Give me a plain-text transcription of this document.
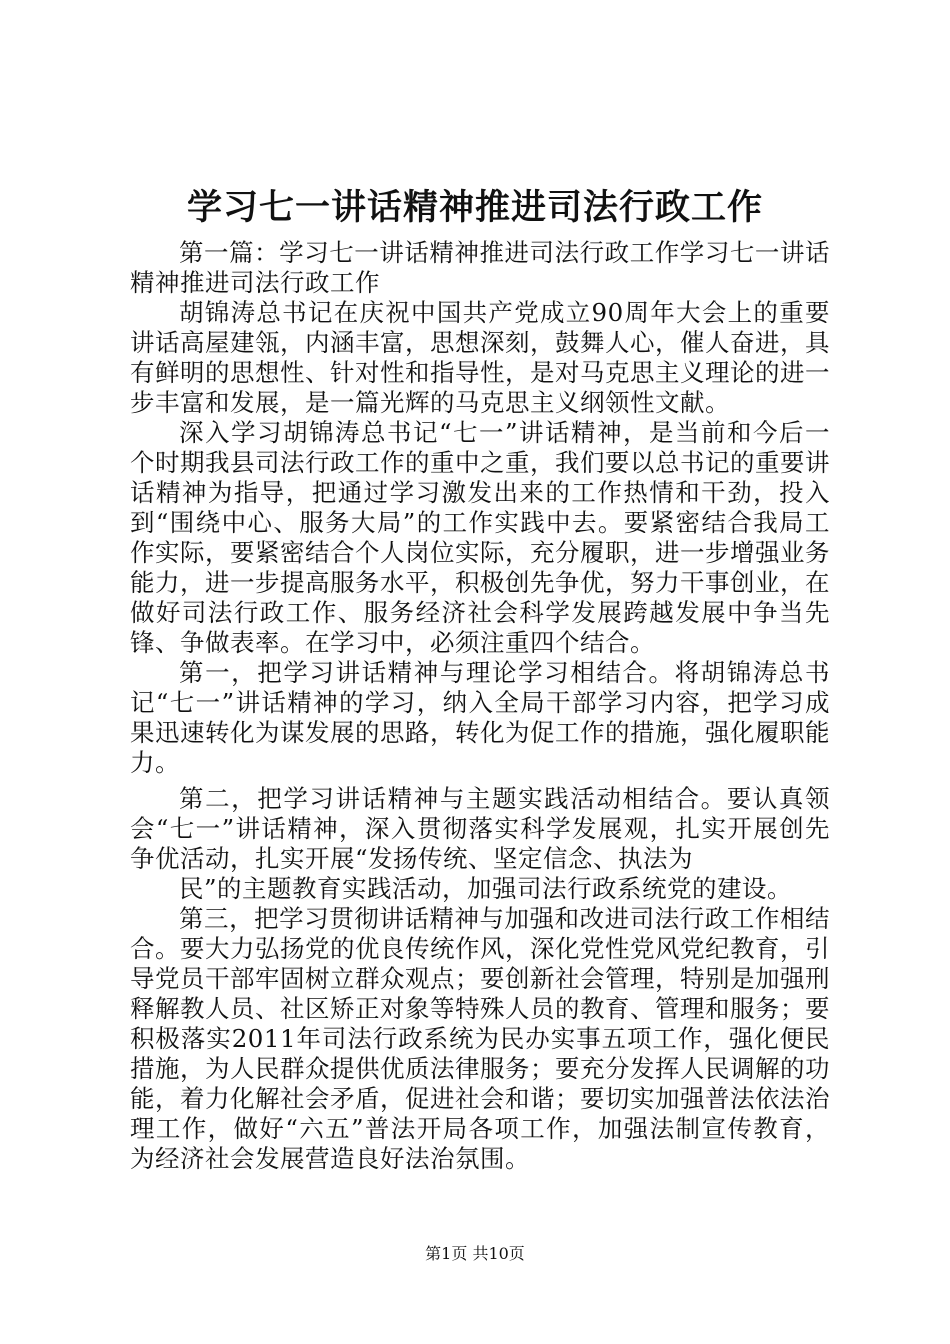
学习七一讲话精神推进司法行政工作

第一篇：学习七一讲话精神推进司法行政工作学习七一讲话精神推进司法行政工作

胡锦涛总书记在庆祝中国共产党成立90周年大会上的重要讲话高屋建瓴，内涵丰富，思想深刻，鼓舞人心，催人奋进，具有鲜明的思想性、针对性和指导性，是对马克思主义理论的进一步丰富和发展，是一篇光辉的马克思主义纲领性文献。

深入学习胡锦涛总书记“七一”讲话精神，是当前和今后一个时期我县司法行政工作的重中之重，我们要以总书记的重要讲话精神为指导，把通过学习激发出来的工作热情和干劲，投入到“围绕中心、服务大局”的工作实践中去。要紧密结合我局工作实际，要紧密结合个人岗位实际，充分履职，进一步增强业务能力，进一步提高服务水平，积极创先争优，努力干事创业，在做好司法行政工作、服务经济社会科学发展跨越发展中争当先锋、争做表率。在学习中，必须注重四个结合。

第一，把学习讲话精神与理论学习相结合。将胡锦涛总书记“七一”讲话精神的学习，纳入全局干部学习内容，把学习成果迅速转化为谋发展的思路，转化为促工作的措施，强化履职能力。

第二，把学习讲话精神与主题实践活动相结合。要认真领会“七一”讲话精神，深入贯彻落实科学发展观，扎实开展创先争优活动，扎实开展“发扬传统、坚定信念、执法为

民”的主题教育实践活动，加强司法行政系统党的建设。

第三，把学习贯彻讲话精神与加强和改进司法行政工作相结合。要大力弘扬党的优良传统作风，深化党性党风党纪教育，引导党员干部牢固树立群众观点；要创新社会管理，特别是加强刑释解教人员、社区矫正对象等特殊人员的教育、管理和服务；要积极落实2011年司法行政系统为民办实事五项工作，强化便民措施，为人民群众提供优质法律服务；要充分发挥人民调解的功能，着力化解社会矛盾，促进社会和谐；要切实加强普法依法治理工作，做好“六五”普法开局各项工作，加强法制宣传教育，为经济社会发展营造良好法治氛围。

第1页 共10页
